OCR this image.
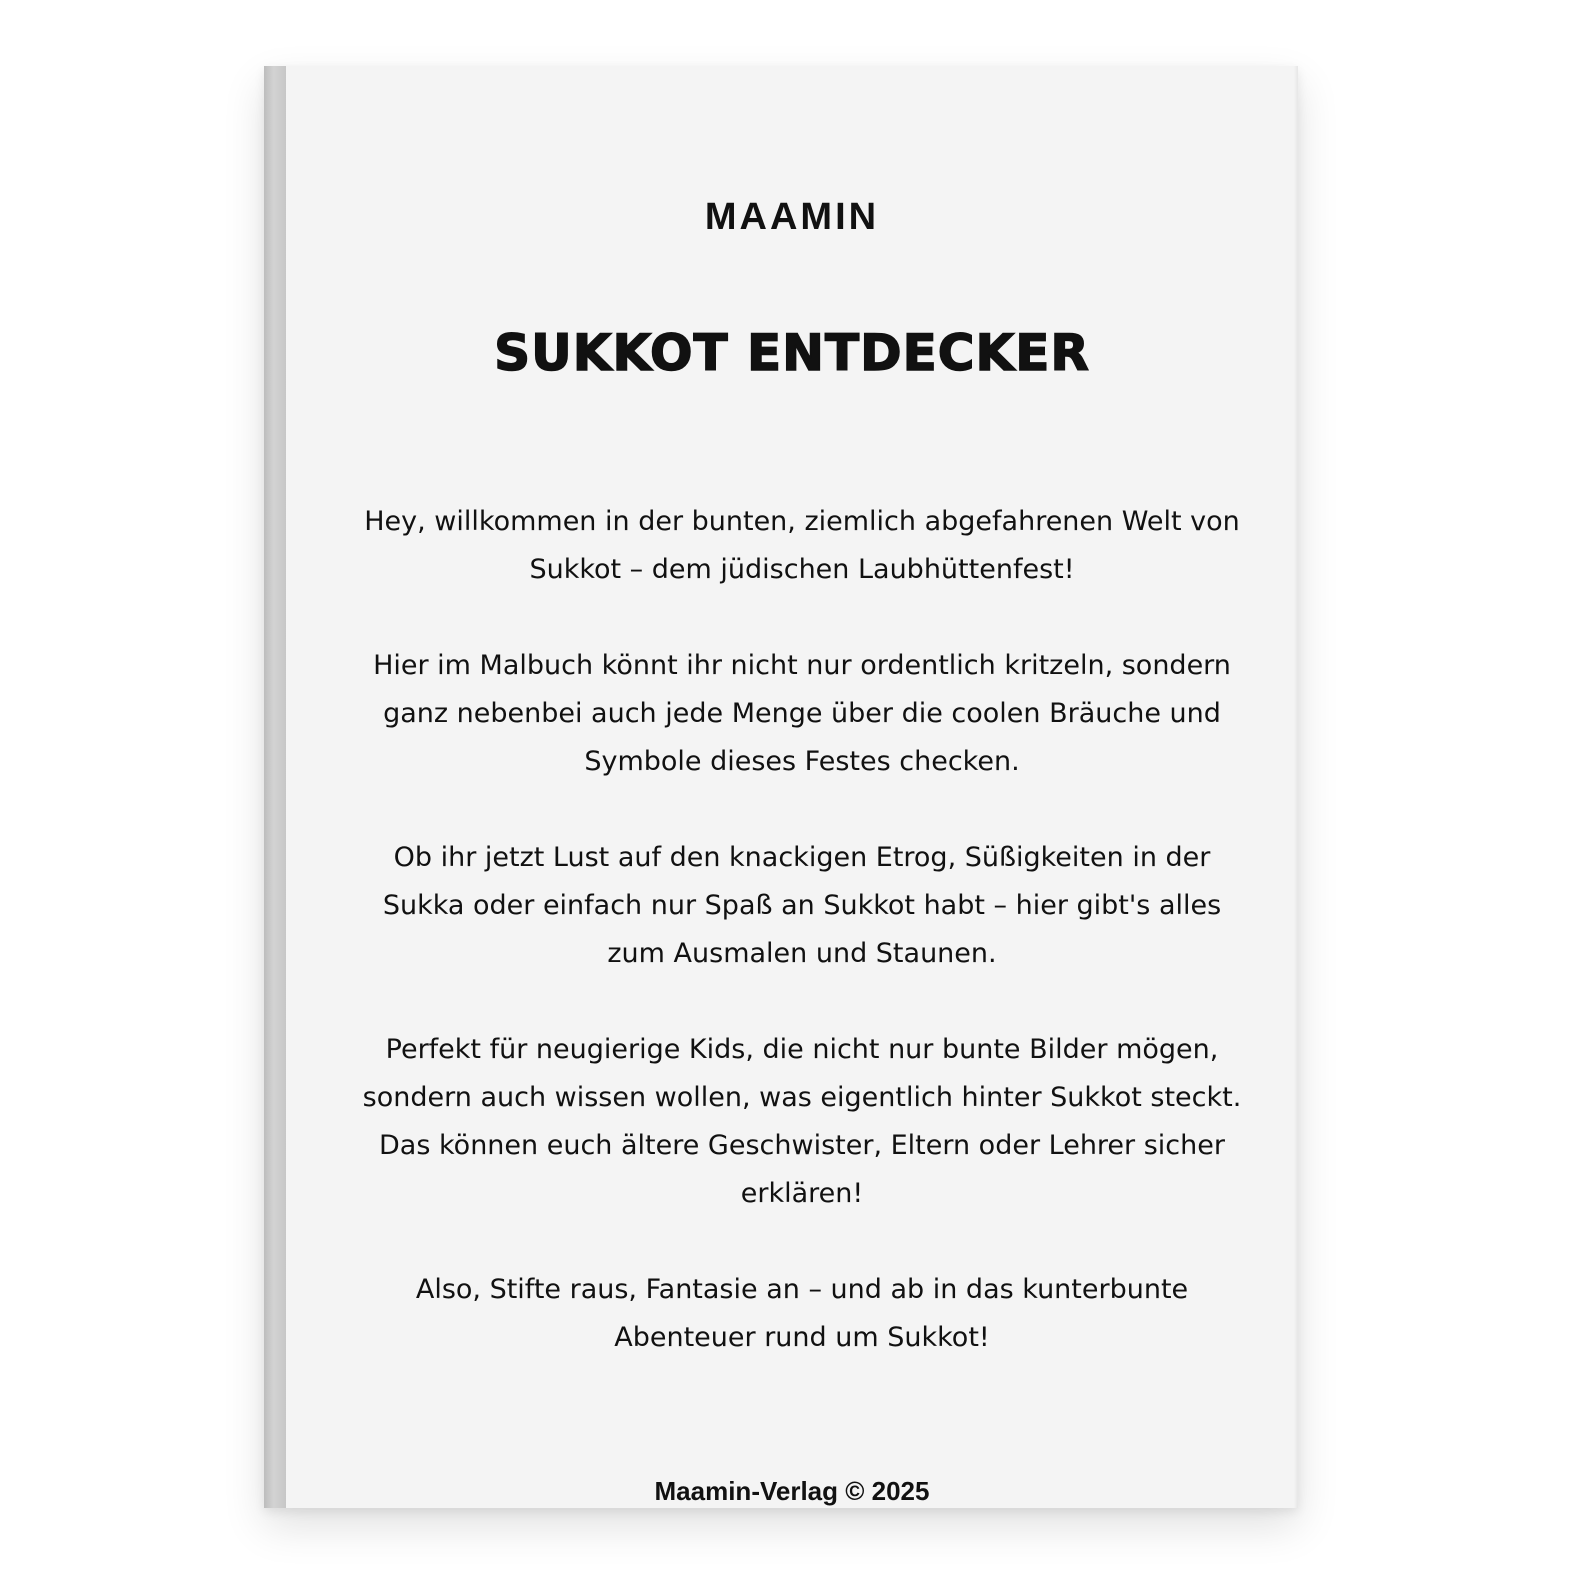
MAAMIN
SUKKOT ENTDECKER

Hey, willkommen in der bunten, ziemlich abgefahrenen Welt von Sukkot – dem jüdischen Laubhüttenfest!

Hier im Malbuch könnt ihr nicht nur ordentlich kritzeln, sondern ganz nebenbei auch jede Menge über die coolen Bräuche und Symbole dieses Festes checken.

Ob ihr jetzt Lust auf den knackigen Etrog, Süßigkeiten in der Sukka oder einfach nur Spaß an Sukkot habt – hier gibt's alles zum Ausmalen und Staunen.

Perfekt für neugierige Kids, die nicht nur bunte Bilder mögen, sondern auch wissen wollen, was eigentlich hinter Sukkot steckt. Das können euch ältere Geschwister, Eltern oder Lehrer sicher erklären!

Also, Stifte raus, Fantasie an – und ab in das kunterbunte Abenteuer rund um Sukkot!

Maamin-Verlag © 2025
